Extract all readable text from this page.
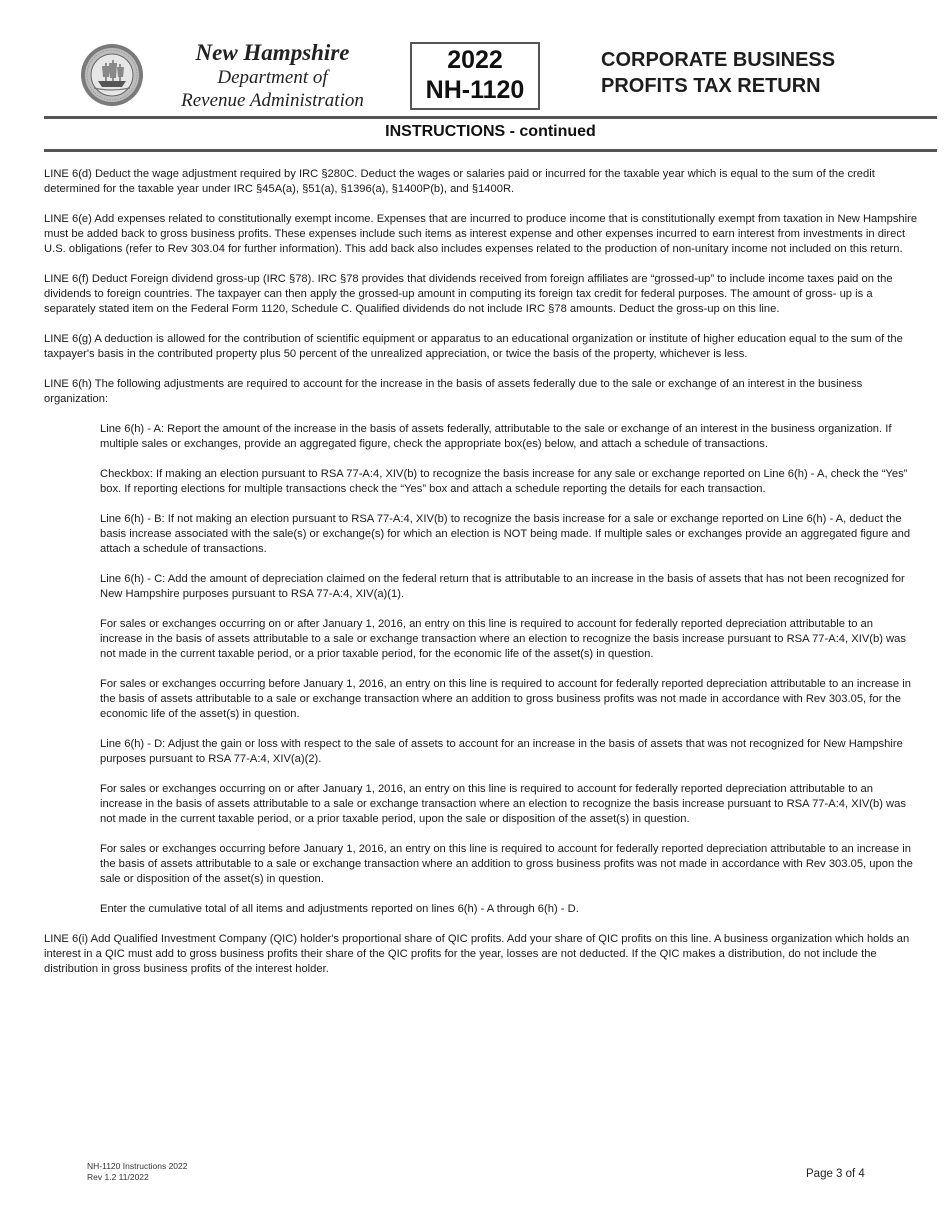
New Hampshire
Department of
Revenue Administration
2022
NH-1120
CORPORATE BUSINESS
PROFITS TAX RETURN
INSTRUCTIONS - continued

LINE 6(d) Deduct the wage adjustment required by IRC §280C. Deduct the wages or salaries paid or incurred for the taxable year which is equal to the sum of the credit determined for the taxable year under IRC §45A(a), §51(a), §1396(a), §1400P(b), and §1400R.

LINE 6(e) Add expenses related to constitutionally exempt income. Expenses that are incurred to produce income that is constitutionally exempt from taxation in New Hampshire must be added back to gross business profits. These expenses include such items as interest expense and other expenses incurred to earn interest from investments in direct U.S. obligations (refer to Rev 303.04 for further information). This add back also includes expenses related to the production of non-unitary income not included on this return.

LINE 6(f) Deduct Foreign dividend gross-up (IRC §78). IRC §78 provides that dividends received from foreign affiliates are “grossed-up” to include income taxes paid on the dividends to foreign countries. The taxpayer can then apply the grossed-up amount in computing its foreign tax credit for federal purposes. The amount of gross- up is a separately stated item on the Federal Form 1120, Schedule C. Qualified dividends do not include IRC §78 amounts. Deduct the gross-up on this line.

LINE 6(g) A deduction is allowed for the contribution of scientific equipment or apparatus to an educational organization or institute of higher education equal to the sum of the taxpayer's basis in the contributed property plus 50 percent of the unrealized appreciation, or twice the basis of the property, whichever is less.

LINE 6(h) The following adjustments are required to account for the increase in the basis of assets federally due to the sale or exchange of an interest in the business organization:

Line 6(h) - A: Report the amount of the increase in the basis of assets federally, attributable to the sale or exchange of an interest in the business organization. If multiple sales or exchanges, provide an aggregated figure, check the appropriate box(es) below, and attach a schedule of transactions.

Checkbox: If making an election pursuant to RSA 77-A:4, XIV(b) to recognize the basis increase for any sale or exchange reported on Line 6(h) - A, check the “Yes” box. If reporting elections for multiple transactions check the “Yes” box and attach a schedule reporting the details for each transaction.

Line 6(h) - B: If not making an election pursuant to RSA 77-A:4, XIV(b) to recognize the basis increase for a sale or exchange reported on Line 6(h) - A, deduct the basis increase associated with the sale(s) or exchange(s) for which an election is NOT being made. If multiple sales or exchanges provide an aggregated figure and attach a schedule of transactions.

Line 6(h) - C: Add the amount of depreciation claimed on the federal return that is attributable to an increase in the basis of assets that has not been recognized for New Hampshire purposes pursuant to RSA 77-A:4, XIV(a)(1).

For sales or exchanges occurring on or after January 1, 2016, an entry on this line is required to account for federally reported depreciation attributable to an increase in the basis of assets attributable to a sale or exchange transaction where an election to recognize the basis increase pursuant to RSA 77-A:4, XIV(b) was not made in the current taxable period, or a prior taxable period, for the economic life of the asset(s) in question.

For sales or exchanges occurring before January 1, 2016, an entry on this line is required to account for federally reported depreciation attributable to an increase in the basis of assets attributable to a sale or exchange transaction where an addition to gross business profits was not made in accordance with Rev 303.05, for the economic life of the asset(s) in question.

Line 6(h) - D: Adjust the gain or loss with respect to the sale of assets to account for an increase in the basis of assets that was not recognized for New Hampshire purposes pursuant to RSA 77-A:4, XIV(a)(2).

For sales or exchanges occurring on or after January 1, 2016, an entry on this line is required to account for federally reported depreciation attributable to an increase in the basis of assets attributable to a sale or exchange transaction where an election to recognize the basis increase pursuant to RSA 77-A:4, XIV(b) was not made in the current taxable period, or a prior taxable period, upon the sale or disposition of the asset(s) in question.

For sales or exchanges occurring before January 1, 2016, an entry on this line is required to account for federally reported depreciation attributable to an increase in the basis of assets attributable to a sale or exchange transaction where an addition to gross business profits was not made in accordance with Rev 303.05, upon the sale or disposition of the asset(s) in question.

Enter the cumulative total of all items and adjustments reported on lines 6(h) - A through 6(h) - D.

LINE 6(i) Add Qualified Investment Company (QIC) holder's proportional share of QIC profits. Add your share of QIC profits on this line. A business organization which holds an interest in a QIC must add to gross business profits their share of the QIC profits for the year, losses are not deducted. If the QIC makes a distribution, do not include the distribution in gross business profits of the interest holder.

NH-1120 Instructions 2022
Rev 1.2 11/2022	Page 3 of 4
